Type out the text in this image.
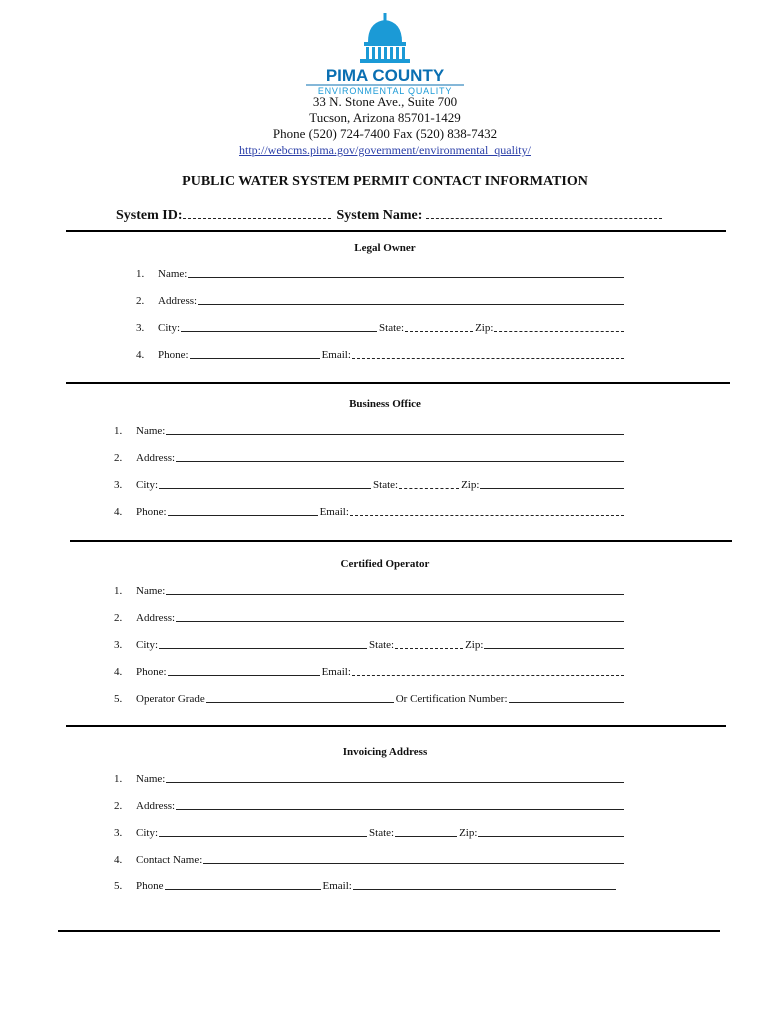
PIMA COUNTY
ENVIRONMENTAL QUALITY
33 N. Stone Ave., Suite 700
Tucson, Arizona 85701-1429
Phone (520) 724-7400 Fax (520) 838-7432
http://webcms.pima.gov/government/environmental_quality/
PUBLIC WATER SYSTEM PERMIT CONTACT INFORMATION
System ID:	System Name:
Legal Owner
1.	Name:
2.	Address:
3.	City:	State:	Zip:
4.	Phone:	Email:
Business Office
1.	Name:
2.	Address:
3.	City:	State:	Zip:
4.	Phone:	Email:
Certified Operator
1.	Name:
2.	Address:
3.	City:	State:	Zip:
4.	Phone:	Email:
5.	Operator Grade	Or Certification Number:
Invoicing Address
1.	Name:
2.	Address:
3.	City:	State:	Zip:
4.	Contact Name:
5.	Phone	Email:
